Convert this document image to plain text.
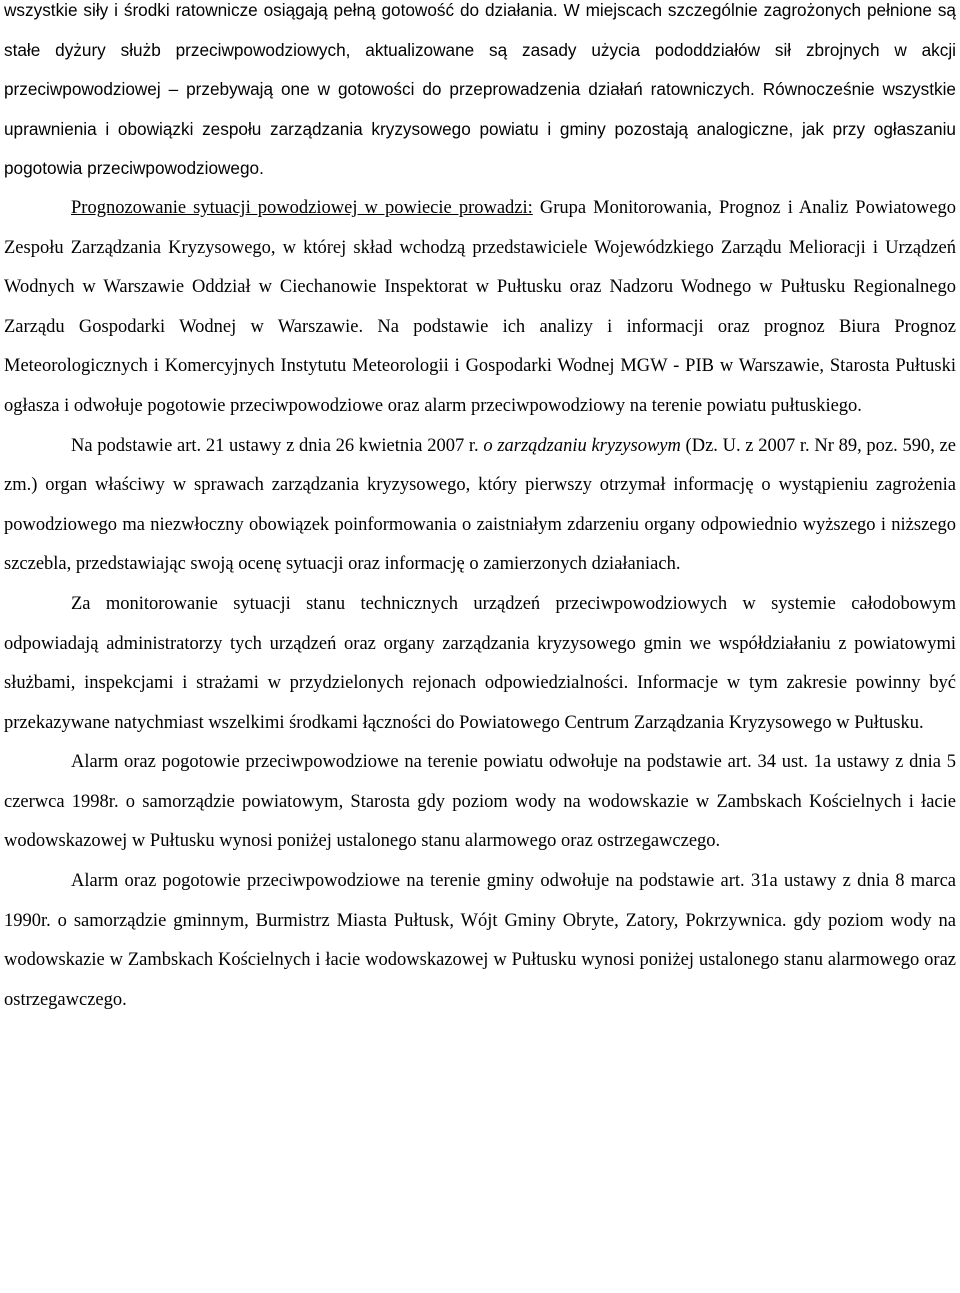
wszystkie siły i środki ratownicze osiągają pełną gotowość do działania. W miejscach szczególnie zagrożonych pełnione są stałe dyżury służb przeciwpowodziowych, aktualizowane są zasady użycia pododdziałów sił zbrojnych w akcji przeciwpowodziowej – przebywają one w gotowości do przeprowadzenia działań ratowniczych. Równocześnie wszystkie uprawnienia i obowiązki zespołu zarządzania kryzysowego powiatu i gminy pozostają analogiczne, jak przy ogłaszaniu pogotowia przeciwpowodziowego.

Prognozowanie sytuacji powodziowej w powiecie prowadzi: Grupa Monitorowania, Prognoz i Analiz Powiatowego Zespołu Zarządzania Kryzysowego, w której skład wchodzą przedstawiciele Wojewódzkiego Zarządu Melioracji i Urządzeń Wodnych w Warszawie Oddział w Ciechanowie Inspektorat w Pułtusku oraz Nadzoru Wodnego w Pułtusku Regionalnego Zarządu Gospodarki Wodnej w Warszawie. Na podstawie ich analizy i informacji oraz prognoz Biura Prognoz Meteorologicznych i Komercyjnych Instytutu Meteorologii i Gospodarki Wodnej MGW - PIB w Warszawie, Starosta Pułtuski ogłasza i odwołuje pogotowie przeciwpowodziowe oraz alarm przeciwpowodziowy na terenie powiatu pułtuskiego.

Na podstawie art. 21 ustawy z dnia 26 kwietnia 2007 r. o zarządzaniu kryzysowym (Dz. U. z 2007 r. Nr 89, poz. 590, ze zm.) organ właściwy w sprawach zarządzania kryzysowego, który pierwszy otrzymał informację o wystąpieniu zagrożenia powodziowego ma niezwłoczny obowiązek poinformowania o zaistniałym zdarzeniu organy odpowiednio wyższego i niższego szczebla, przedstawiając swoją ocenę sytuacji oraz informację o zamierzonych działaniach.

Za monitorowanie sytuacji stanu technicznych urządzeń przeciwpowodziowych w systemie całodobowym odpowiadają administratorzy tych urządzeń oraz organy zarządzania kryzysowego gmin we współdziałaniu z powiatowymi służbami, inspekcjami i strażami w przydzielonych rejonach odpowiedzialności. Informacje w tym zakresie powinny być przekazywane natychmiast wszelkimi środkami łączności do Powiatowego Centrum Zarządzania Kryzysowego w Pułtusku.

Alarm oraz pogotowie przeciwpowodziowe na terenie powiatu odwołuje na podstawie art. 34 ust. 1a ustawy z dnia 5 czerwca 1998r. o samorządzie powiatowym, Starosta gdy poziom wody na wodowskazie w Zambskach Kościelnych i łacie wodowskazowej w Pułtusku wynosi poniżej ustalonego stanu alarmowego oraz ostrzegawczego.

Alarm oraz pogotowie przeciwpowodziowe na terenie gminy odwołuje na podstawie art. 31a ustawy z dnia 8 marca 1990r. o samorządzie gminnym, Burmistrz Miasta Pułtusk, Wójt Gminy Obryte, Zatory, Pokrzywnica. gdy poziom wody na wodowskazie w Zambskach Kościelnych i łacie wodowskazowej w Pułtusku wynosi poniżej ustalonego stanu alarmowego oraz ostrzegawczego.
